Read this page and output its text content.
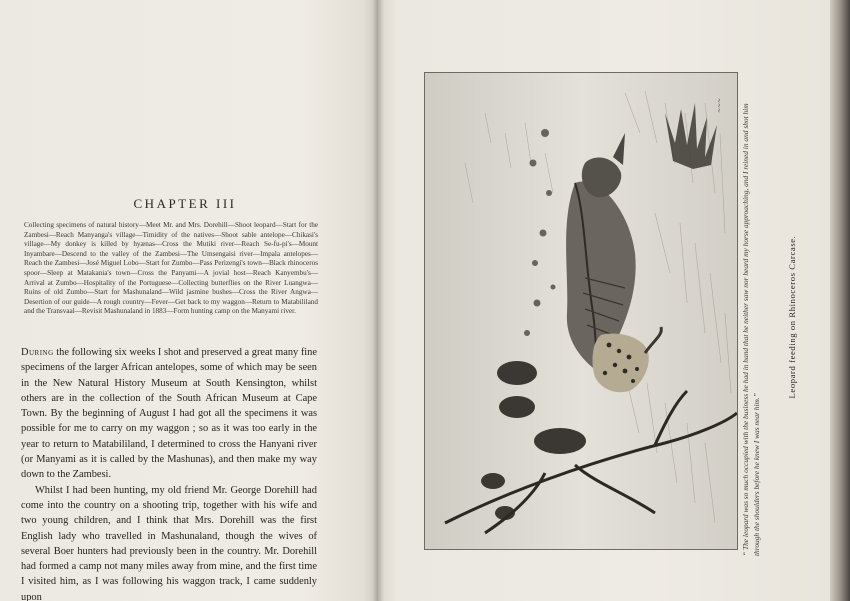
CHAPTER III
Collecting specimens of natural history—Meet Mr. and Mrs. Dorehill—Shoot leopard—Start for the Zambesi—Reach Manyanga's village—Timidity of the natives—Shoot sable antelope—Chikasi's village—My donkey is killed by hyænas—Cross the Mutiki river—Reach Se-fu-pi's—Mount Inyambare—Descend to the valley of the Zambesi—The Umsengaisi river—Impala antelopes—Reach the Zambesi—José Miguel Lobo—Start for Zumbo—Pass Perizengi's town—Black rhinoceros spoor—Sleep at Matakania's town—Cross the Panyami—A jovial host—Reach Kanyembu's—Arrival at Zumbo—Hospitality of the Portuguese—Collecting butterflies on the River Luangwa—Ruins of old Zumbo—Start for Mashunaland—Wild jasmine bushes—Cross the River Angwa—Desertion of our guide—A rough country—Fever—Get back to my waggon—Return to Matabililand and the Transvaal—Revisit Mashunaland in 1883—Form hunting camp on the Manyami river.

During the following six weeks I shot and preserved a great many fine specimens of the larger African antelopes, some of which may be seen in the New Natural History Museum at South Kensington, whilst others are in the collection of the South African Museum at Cape Town. By the beginning of August I had got all the specimens it was possible for me to carry on my waggon ; so as it was too early in the year to return to Matabililand, I determined to cross the Hanyani river (or Manyami as it is called by the Mashunas), and then make my way down to the Zambesi.

Whilst I had been hunting, my old friend Mr. George Dorehill had come into the country on a shooting trip, together with his wife and two young children, and I think that Mrs. Dorehill was the first English lady who travelled in Mashunaland, though the wives of several Boer hunters had previously been in the country. Mr. Dorehill had formed a camp not many miles away from mine, and the first time I visited him, as I was following his waggon track, I came suddenly upon

~~~
Leopard feeding on Rhinoceros Carcase.
“ The leopard was so much occupied with the business he had in hand that he neither saw nor heard my horse approaching, and I reined in and shot him through the shoulders before he knew I was near him.”
